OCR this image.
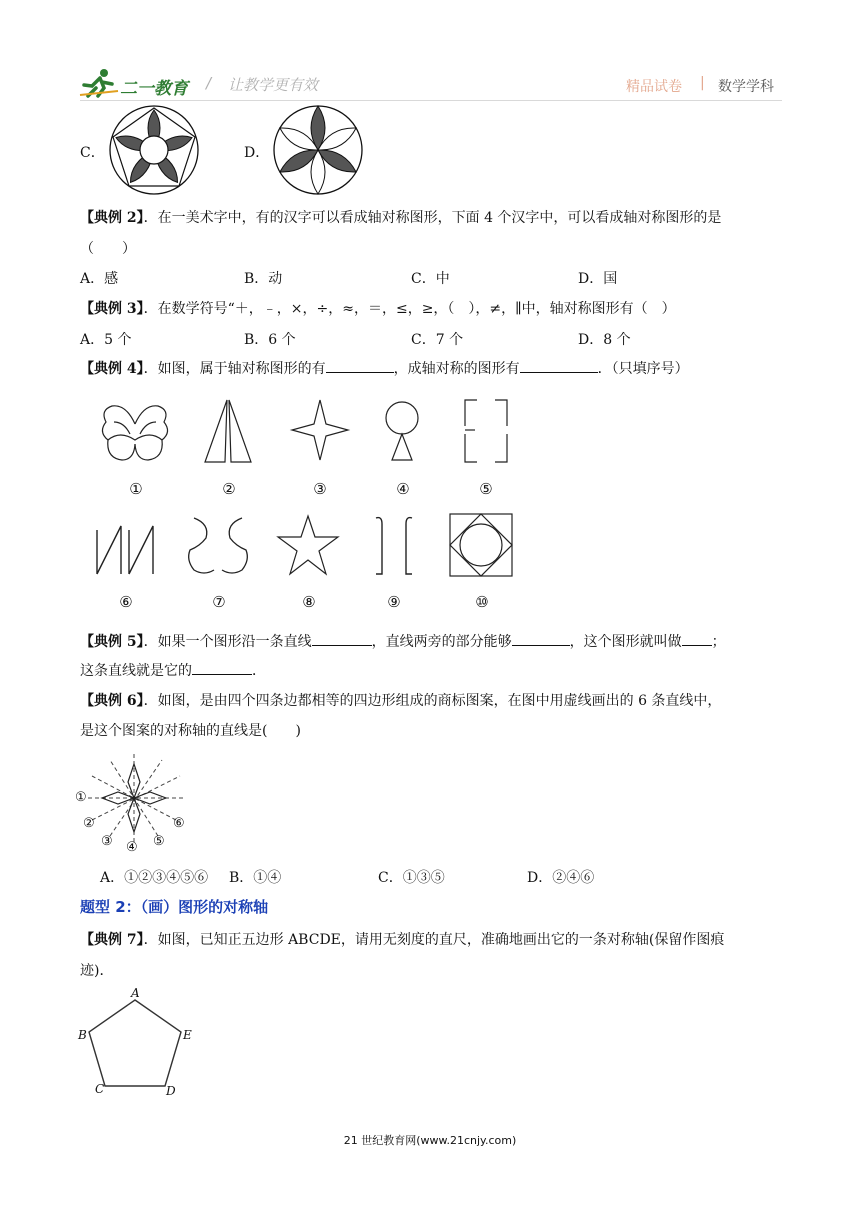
二一教育 / 让教学更有效	精品试卷 | 数学学科
C．	D．
【典例 2】．在一美术字中，有的汉字可以看成轴对称图形，下面 4 个汉字中，可以看成轴对称图形的是
（　　）
A．感	B．动	C．中	D．国
【典例 3】．在数学符号“＋，﹣，×，÷，≈，＝，≤，≥，（　），≠，∥中，轴对称图形有（　）
A．5 个	B．6 个	C．7 个	D．8 个
【典例 4】．如图，属于轴对称图形的有	，成轴对称的图形有	．（只填序号）
①	②	③	④	⑤
⑥	⑦	⑧	⑨	⑩
【典例 5】．如果一个图形沿一条直线	，直线两旁的部分能够	，这个图形就叫做 ；
这条直线就是它的	．
【典例 6】．如图，是由四个四条边都相等的四边形组成的商标图案，在图中用虚线画出的 6 条直线中，
是这个图案的对称轴的直线是(　　)
①
②
③ ④ ⑤
⑥
A．①②③④⑤⑥ B．①④	C．①③⑤	D．②④⑥
题型 2：（画）图形的对称轴
【典例 7】．如图，已知正五边形 ABCDE，请用无刻度的直尺，准确地画出它的一条对称轴(保留作图痕
迹)．
A
B
C	D
E
21 世纪教育网(www.21cnjy.com)
